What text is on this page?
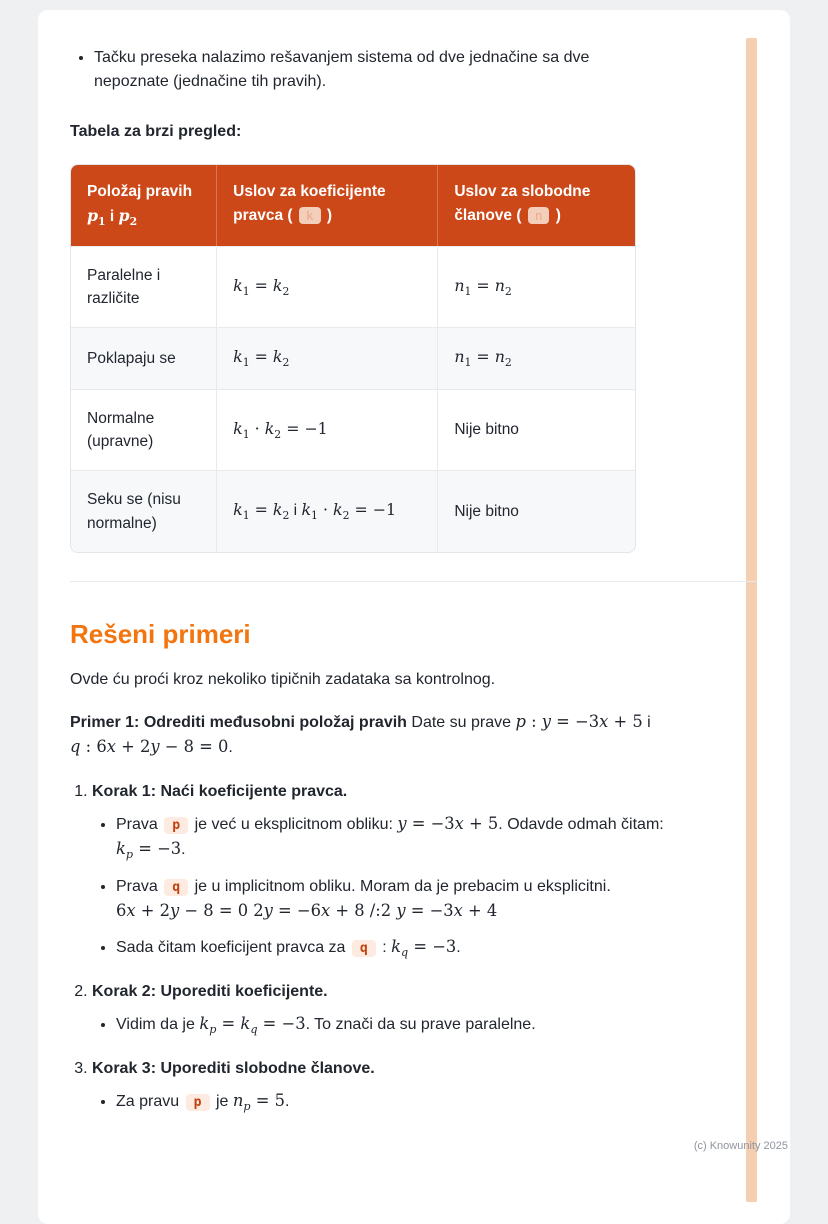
• Tačku preseka nalazimo rešavanjem sistema od dve jednačine sa dve nepoznate (jednačine tih pravih).

Tabela za brzi pregled:

Položaj pravih $p_1$ i $p_2$	Uslov za koeficijente pravca ( k )	Uslov za slobodne članove ( n )
Paralelne i različite	$k_1 = k_2$	$n_1 = n_2$
Poklapaju se	$k_1 = k_2$	$n_1 = n_2$
Normalne (upravne)	$k_1 \cdot k_2 = -1$	Nije bitno
Seku se (nisu normalne)	$k_1 = k_2$ i $k_1 \cdot k_2 = -1$	Nije bitno
Rešeni primeri

Ovde ću proći kroz nekoliko tipičnih zadataka sa kontrolnog.

Primer 1: Odrediti međusobni položaj pravih Date su prave p : y = −3x + 5 i q : 6x + 2y − 8 = 0.

1. Korak 1: Naći koeficijente pravca.

• Prava p je već u eksplicitnom obliku: y = −3x + 5. Odavde odmah čitam: $k_p = -3$.
• Prava q je u implicitnom obliku. Moram da je prebacim u eksplicitni. 6x + 2y − 8 = 0 2y = −6x + 8 /:2 y = −3x + 4
• Sada čitam koeficijent pravca za q : $k_q = -3$.

2. Korak 2: Uporediti koeficijente.

• Vidim da je $k_p = k_q = -3$. To znači da su prave paralelne.

3. Korak 3: Uporediti slobodne članove.

• Za pravu p je $n_p = 5$.
(c) Knowunity 2025
